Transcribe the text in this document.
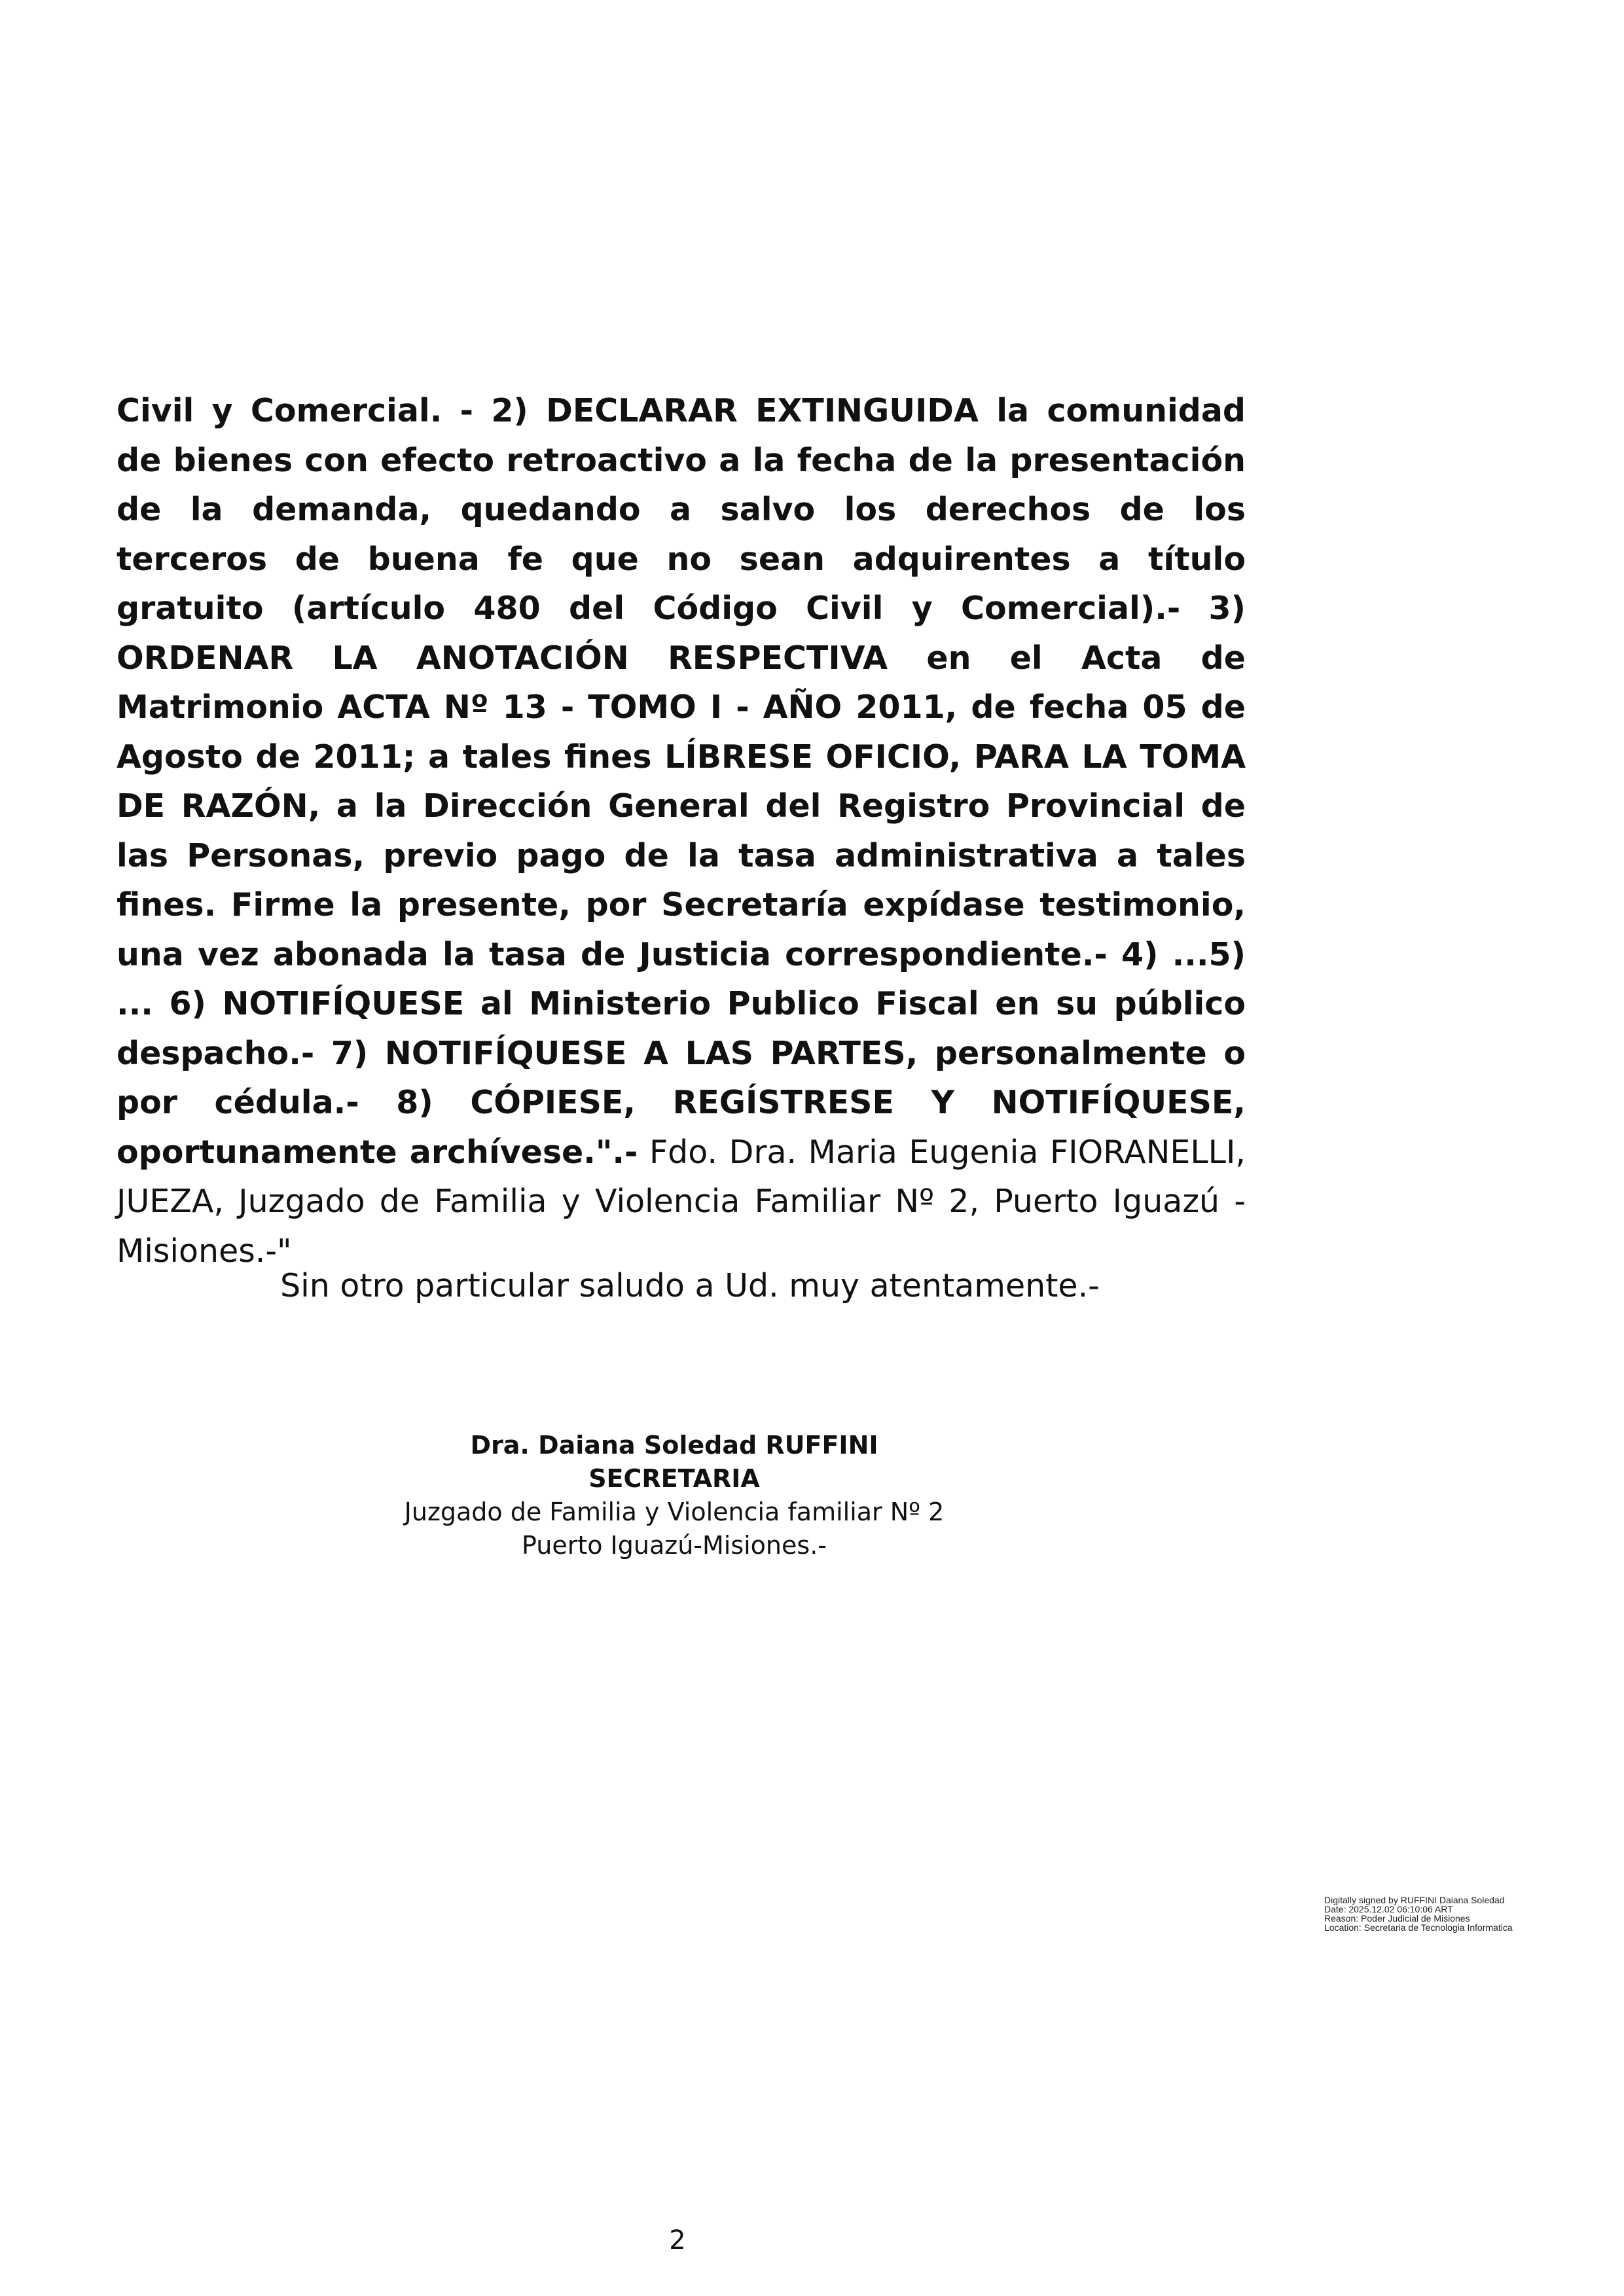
Civil y Comercial. - 2) DECLARAR EXTINGUIDA la comunidad de bienes con efecto retroactivo a la fecha de la presentación de la demanda, quedando a salvo los derechos de los terceros de buena fe que no sean adquirentes a título gratuito (artículo 480 del Código Civil y Comercial).- 3) ORDENAR LA ANOTACIÓN RESPECTIVA en el Acta de Matrimonio ACTA Nº 13 - TOMO I - AÑO 2011, de fecha 05 de Agosto de 2011; a tales fines LÍBRESE OFICIO, PARA LA TOMA DE RAZÓN, a la Dirección General del Registro Provincial de las Personas, previo pago de la tasa administrativa a tales fines. Firme la presente, por Secretaría expídase testimonio, una vez abonada la tasa de Justicia correspondiente.- 4) ...5) ... 6) NOTIFÍQUESE al Ministerio Publico Fiscal en su público despacho.- 7) NOTIFÍQUESE A LAS PARTES, personalmente o por cédula.- 8) CÓPIESE, REGÍSTRESE Y NOTIFÍQUESE, oportunamente archívese.".- Fdo. Dra. Maria Eugenia FIORANELLI, JUEZA, Juzgado de Familia y Violencia Familiar Nº 2, Puerto Iguazú - Misiones.-"

Sin otro particular saludo a Ud. muy atentamente.-

Dra. Daiana Soledad RUFFINI
SECRETARIA
Juzgado de Familia y Violencia familiar Nº 2
Puerto Iguazú-Misiones.-
Digitally signed by RUFFINI Daiana Soledad
Date: 2025.12.02 06:10:06 ART
Reason: Poder Judicial de Misiones
Location: Secretaria de Tecnologia Informatica
2
